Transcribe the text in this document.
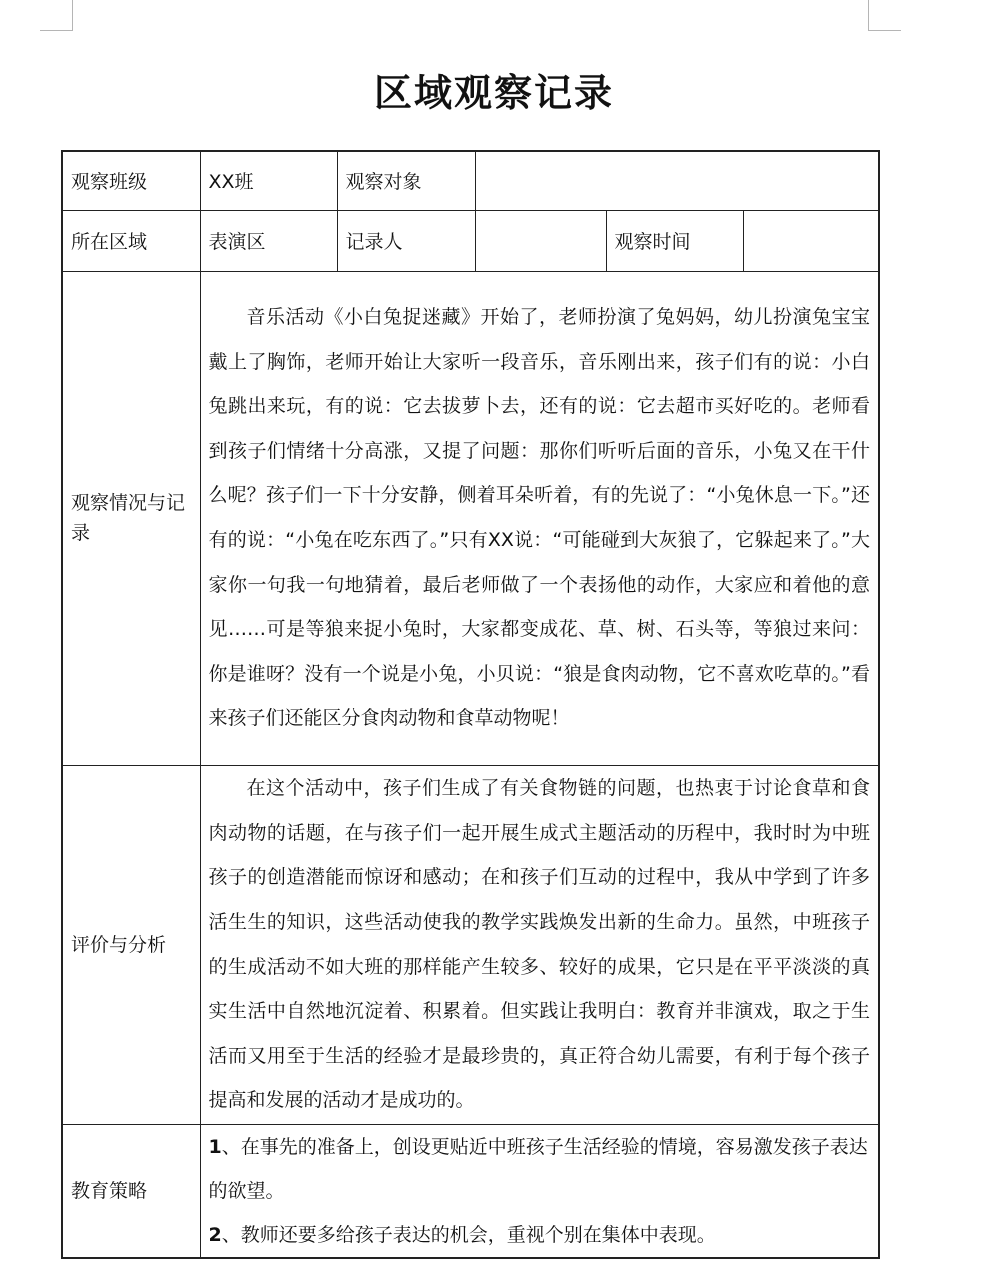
区域观察记录
观察班级	XX班	观察对象			
所在区域	表演区	记录人		观察时间	
观察情况与记录	音乐活动《小白兔捉迷藏》开始了，老师扮演了兔妈妈，幼儿扮演兔宝宝戴上了胸饰，老师开始让大家听一段音乐，音乐刚出来，孩子们有的说：小白兔跳出来玩，有的说：它去拔萝卜去，还有的说：它去超市买好吃的。老师看到孩子们情绪十分高涨，又提了问题：那你们听听后面的音乐，小兔又在干什么呢？孩子们一下十分安静，侧着耳朵听着，有的先说了：“小兔休息一下。”还有的说：“小兔在吃东西了。”只有XX说：“可能碰到大灰狼了，它躲起来了。”大家你一句我一句地猜着，最后老师做了一个表扬他的动作，大家应和着他的意见……可是等狼来捉小兔时，大家都变成花、草、树、石头等，等狼过来问：你是谁呀？没有一个说是小兔，小贝说：“狼是食肉动物，它不喜欢吃草的。”看来孩子们还能区分食肉动物和食草动物呢！				

评价与分析	在这个活动中，孩子们生成了有关食物链的问题，也热衷于讨论食草和食肉动物的话题，在与孩子们一起开展生成式主题活动的历程中，我时时为中班孩子的创造潜能而惊讶和感动；在和孩子们互动的过程中，我从中学到了许多活生生的知识，这些活动使我的教学实践焕发出新的生命力。虽然，中班孩子的生成活动不如大班的那样能产生较多、较好的成果，它只是在平平淡淡的真实生活中自然地沉淀着、积累着。但实践让我明白：教育并非演戏，取之于生活而又用至于生活的经验才是最珍贵的，真正符合幼儿需要，有利于每个孩子提高和发展的活动才是成功的。				

教育策略	1、在事先的准备上，创设更贴近中班孩子生活经验的情境，容易激发孩子表达的欲望。

2、教师还要多给孩子表达的机会，重视个别在集体中表现。				
